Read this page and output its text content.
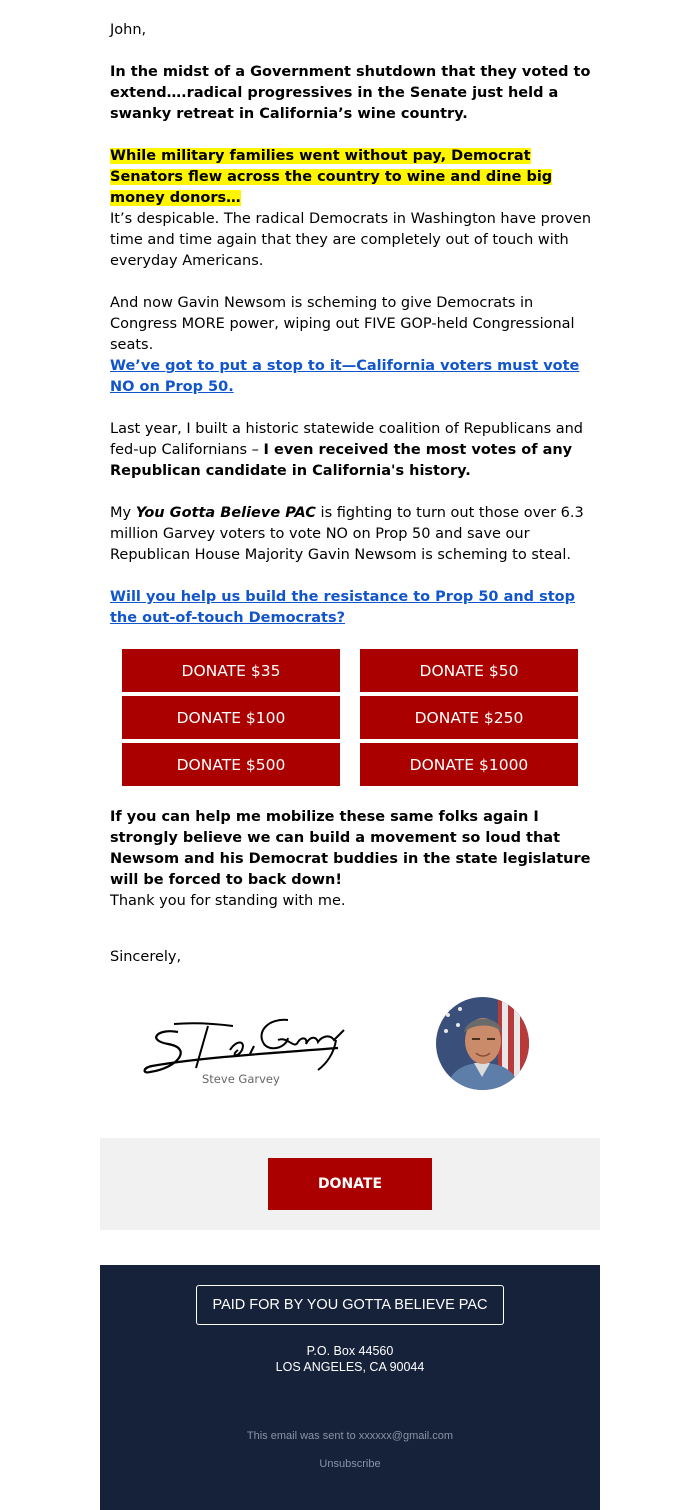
John,

In the midst of a Government shutdown that they voted to extend….radical progressives in the Senate just held a swanky retreat in California’s wine country.

While military families went without pay, Democrat Senators flew across the country to wine and dine big money donors…

It’s despicable. The radical Democrats in Washington have proven time and time again that they are completely out of touch with everyday Americans.

And now Gavin Newsom is scheming to give Democrats in Congress MORE power, wiping out FIVE GOP-held Congressional seats.

We’ve got to put a stop to it—California voters must vote NO on Prop 50.

Last year, I built a historic statewide coalition of Republicans and fed-up Californians – I even received the most votes of any Republican candidate in California's history.

My You Gotta Believe PAC is fighting to turn out those over 6.3 million Garvey voters to vote NO on Prop 50 and save our Republican House Majority Gavin Newsom is scheming to steal.

Will you help us build the resistance to Prop 50 and stop the out-of-touch Democrats?

If you can help me mobilize these same folks again I strongly believe we can build a movement so loud that Newsom and his Democrat buddies in the state legislature will be forced to back down!

Thank you for standing with me.

Sincerely,

DONATE $35	DONATE $50
DONATE $100	DONATE $250
DONATE $500	DONATE $1000
Steve Garvey
DONATE
PAID FOR BY YOU GOTTA BELIEVE PAC
P.O. Box 44560
LOS ANGELES, CA 90044
This email was sent to xxxxxx@gmail.com
Unsubscribe
